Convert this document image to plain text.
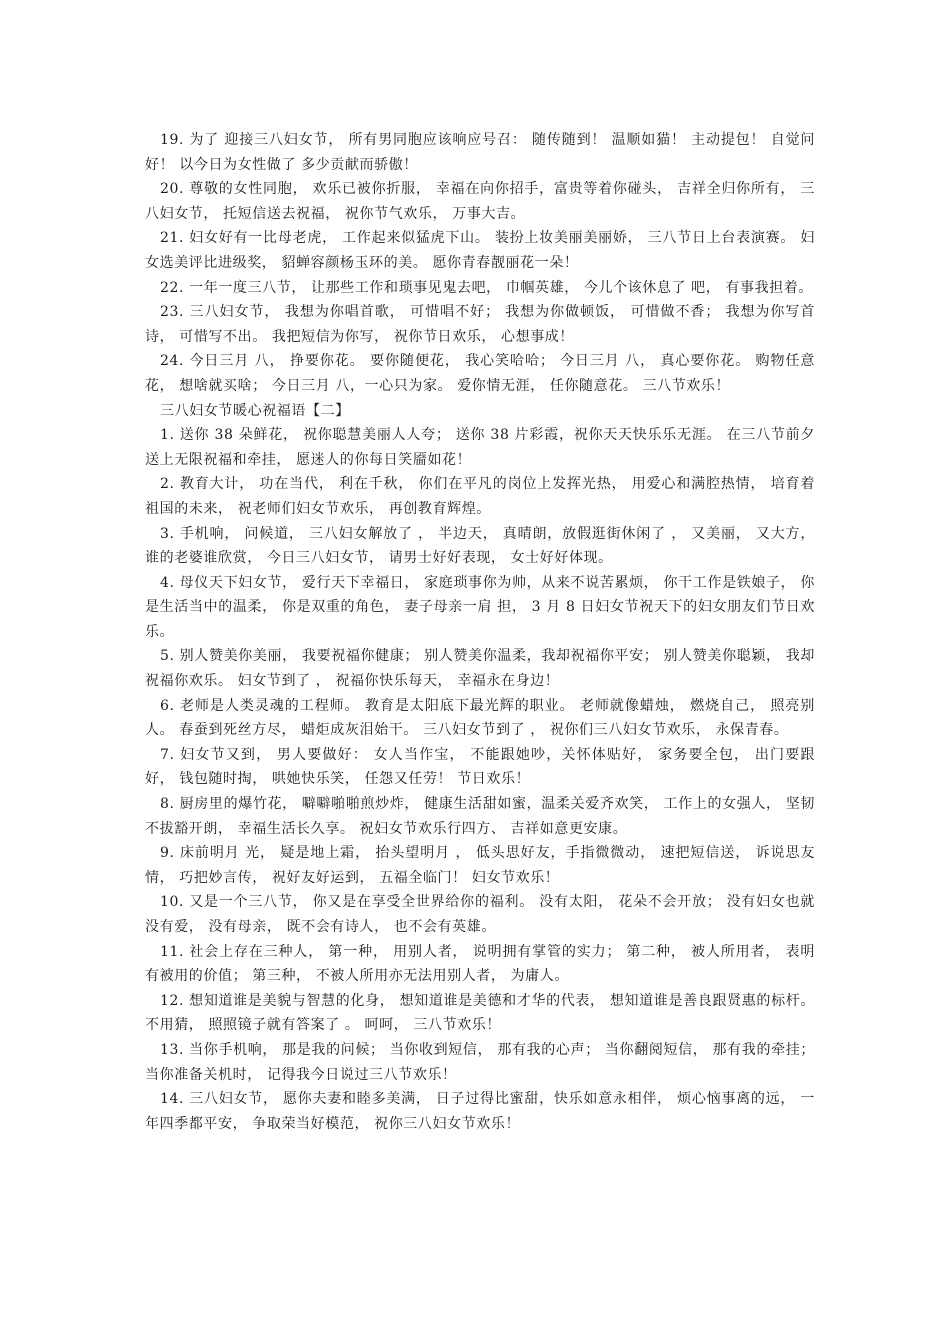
19. 为了 迎接三八妇女节， 所有男同胞应该响应号召： 随传随到！ 温顺如猫！ 主动提包！ 自觉问好！ 以今日为女性做了 多少贡献而骄傲！

20. 尊敬的女性同胞， 欢乐已被你折服， 幸福在向你招手，富贵等着你碰头， 吉祥全归你所有， 三八妇女节， 托短信送去祝福， 祝你节气欢乐， 万事大吉。

21. 妇女好有一比母老虎， 工作起来似猛虎下山。 装扮上妆美丽美丽娇， 三八节日上台表演赛。 妇女选美评比进级奖， 貂蝉容颜杨玉环的美。 愿你青春靓丽花一朵！

22. 一年一度三八节， 让那些工作和琐事见鬼去吧， 巾帼英雄， 今儿个该休息了 吧， 有事我担着。

23. 三八妇女节， 我想为你唱首歌， 可惜唱不好； 我想为你做顿饭， 可惜做不香； 我想为你写首诗， 可惜写不出。 我把短信为你写， 祝你节日欢乐， 心想事成！

24. 今日三月 八， 挣要你花。 要你随便花， 我心笑哈哈； 今日三月 八， 真心要你花。 购物任意花， 想啥就买啥； 今日三月 八，一心只为家。 爱你情无涯， 任你随意花。 三八节欢乐！

三八妇女节暖心祝福语【二】

1. 送你 38 朵鲜花， 祝你聪慧美丽人人夸； 送你 38 片彩霞，祝你天天快乐乐无涯。 在三八节前夕送上无限祝福和牵挂， 愿迷人的你每日笑靥如花！

2. 教育大计， 功在当代， 利在千秋， 你们在平凡的岗位上发挥光热， 用爱心和满腔热情， 培育着祖国的未来， 祝老师们妇女节欢乐， 再创教育辉煌。

3. 手机响， 问候道， 三八妇女解放了 ， 半边天， 真晴朗，放假逛街休闲了 ， 又美丽， 又大方， 谁的老婆谁欣赏， 今日三八妇女节， 请男士好好表现， 女士好好体现。

4. 母仪天下妇女节， 爱行天下幸福日， 家庭琐事你为帅，从来不说苦累烦， 你干工作是铁娘子， 你是生活当中的温柔， 你是双重的角色， 妻子母亲一肩 担， 3 月 8 日妇女节祝天下的妇女朋友们节日欢乐。

5. 别人赞美你美丽， 我要祝福你健康； 别人赞美你温柔，我却祝福你平安； 别人赞美你聪颖， 我却祝福你欢乐。 妇女节到了 ， 祝福你快乐每天， 幸福永在身边！

6. 老师是人类灵魂的工程师。 教育是太阳底下最光辉的职业。 老师就像蜡烛， 燃烧自己， 照亮别人。 春蚕到死丝方尽， 蜡炬成灰泪始干。 三八妇女节到了 ， 祝你们三八妇女节欢乐， 永保青春。

7. 妇女节又到， 男人要做好： 女人当作宝， 不能跟她吵，关怀体贴好， 家务要全包， 出门要跟好， 钱包随时掏， 哄她快乐笑， 任怨又任劳！ 节日欢乐！

8. 厨房里的爆竹花， 噼噼啪啪煎炒炸， 健康生活甜如蜜，温柔关爱齐欢笑， 工作上的女强人， 坚韧不拔豁开朗， 幸福生活长久享。 祝妇女节欢乐行四方、 吉祥如意更安康。

9. 床前明月 光， 疑是地上霜， 抬头望明月 ， 低头思好友，手指微微动， 速把短信送， 诉说思友情， 巧把妙言传， 祝好友好运到， 五福全临门！ 妇女节欢乐！

10. 又是一个三八节， 你又是在享受全世界给你的福利。 没有太阳， 花朵不会开放； 没有妇女也就没有爱， 没有母亲， 既不会有诗人， 也不会有英雄。

11. 社会上存在三种人， 第一种， 用别人者， 说明拥有掌管的实力； 第二种， 被人所用者， 表明有被用的价值； 第三种， 不被人所用亦无法用别人者， 为庸人。

12. 想知道谁是美貌与智慧的化身， 想知道谁是美德和才华的代表， 想知道谁是善良跟贤惠的标杆。 不用猜， 照照镜子就有答案了 。 呵呵， 三八节欢乐！

13. 当你手机响， 那是我的问候； 当你收到短信， 那有我的心声； 当你翻阅短信， 那有我的牵挂； 当你准备关机时， 记得我今日说过三八节欢乐！

14. 三八妇女节， 愿你夫妻和睦多美满， 日子过得比蜜甜，快乐如意永相伴， 烦心恼事离的远， 一年四季都平安， 争取荣当好模范， 祝你三八妇女节欢乐！
